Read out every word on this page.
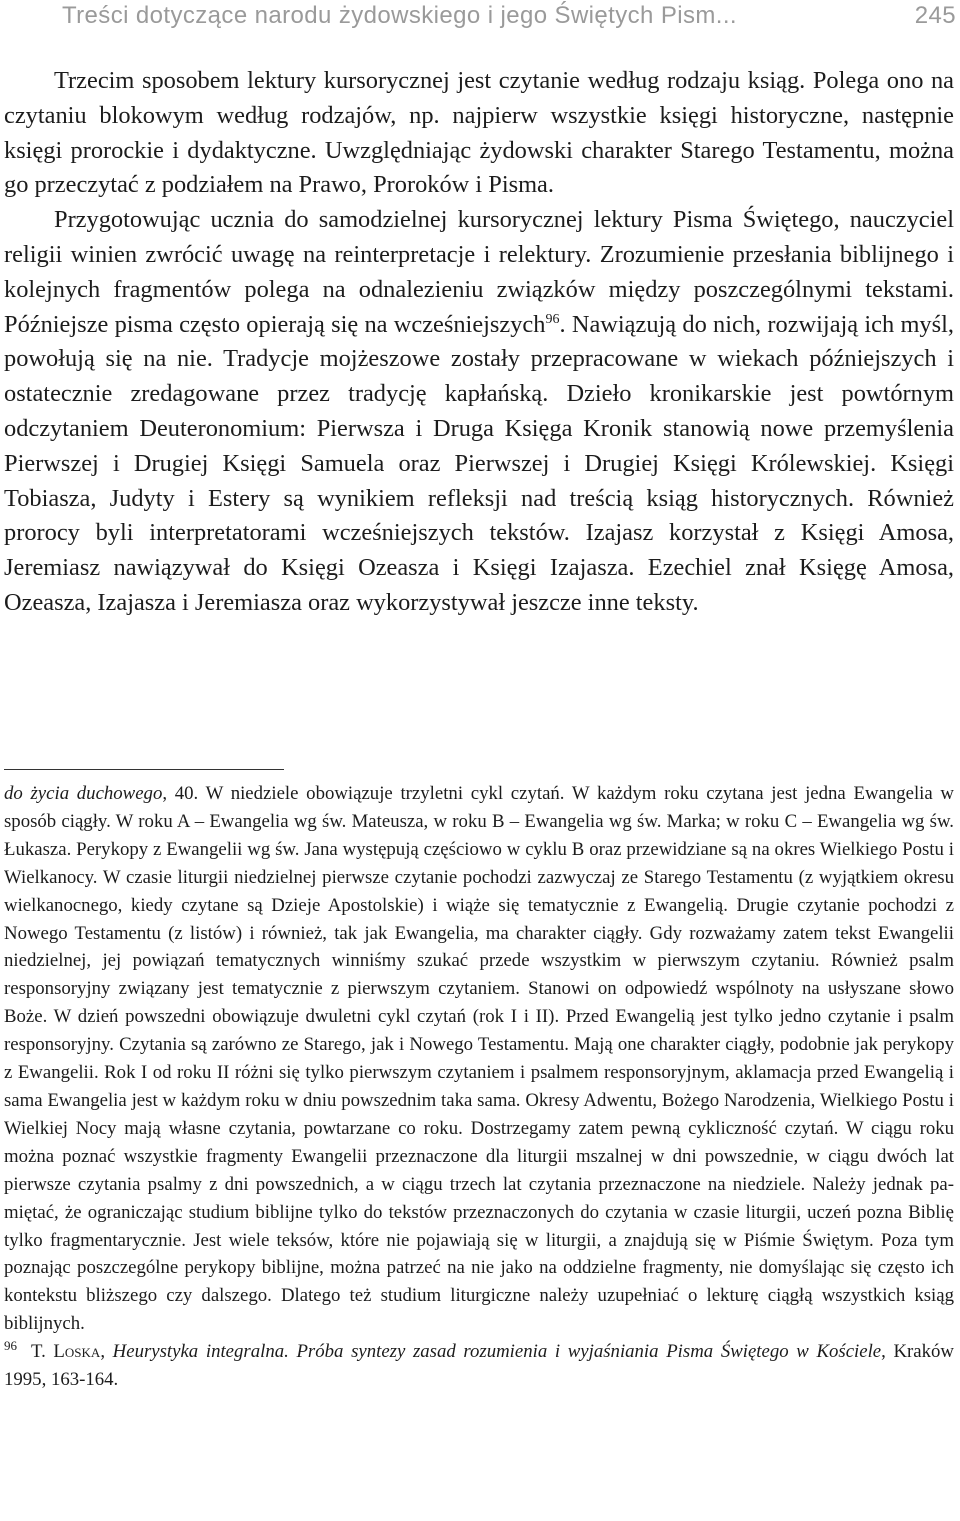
Treści dotyczące narodu żydowskiego i jego Świętych Pism...	245

Trzecim sposobem lektury kursorycznej jest czytanie według rodzaju ksiąg. Polega ono na czytaniu blokowym według rodzajów, np. najpierw wszystkie księgi historyczne, następnie księgi prorockie i dydaktyczne. Uwzględniając żydowski charakter Starego Testamentu, można go przeczytać z podziałem na Prawo, Proroków i Pisma.

Przygotowując ucznia do samodzielnej kursorycznej lektury Pisma Świętego, nauczyciel religii winien zwrócić uwagę na reinterpretacje i relektury. Zrozumienie przesłania biblijnego i kolejnych fragmentów polega na odnalezieniu związków między poszczególnymi tekstami. Późniejsze pisma często opierają się na wcześniejszych$^{96}$. Nawiązują do nich, rozwijają ich myśl, powołują się na nie. Tradycje mojżeszowe zostały przepracowane w wiekach późniejszych i ostatecznie zredagowane przez tradycję kapłańską. Dzieło kronikarskie jest powtórnym odczytaniem Deuteronomium: Pierwsza i Druga Księga Kronik stanowią nowe przemyślenia Pierwszej i Drugiej Księgi Samuela oraz Pierwszej i Drugiej Księgi Królewskiej. Księgi Tobiasza, Judyty i Estery są wynikiem refleksji nad treścią ksiąg historycznych. Również prorocy byli interpretatorami wcześniejszych tekstów. Izajasz korzystał z Księgi Amosa, Jeremiasz nawiązywał do Księgi Ozeasza i Księgi Izajasza. Ezechiel znał Księgę Amosa, Ozeasza, Izajasza i Jeremiasza oraz wykorzystywał jeszcze inne teksty.

do życia duchowego, 40. W niedziele obowiązuje trzyletni cykl czytań. W każdym roku czytana jest jedna Ewangelia w sposób ciągły. W roku A – Ewangelia wg św. Mateusza, w roku B – Ewangelia wg św. Marka; w roku C – Ewangelia wg św. Łukasza. Perykopy z Ewangelii wg św. Jana występują częściowo w cyklu B oraz przewidziane są na okres Wielkiego Postu i Wielkanocy. W czasie liturgii niedzielnej pierwsze czytanie pochodzi zazwyczaj ze Starego Testamentu (z wyjątkiem okresu wielkanocnego, kiedy czytane są Dzieje Apostolskie) i wiąże się tematycznie z Ewangelią. Drugie czytanie pochodzi z Nowego Testamentu (z listów) i również, tak jak Ewangelia, ma charakter ciągły. Gdy rozważamy zatem tekst Ewangelii niedzielnej, jej powiązań tematycznych winniśmy szukać przede wszystkim w pierwszym czytaniu. Również psalm responsoryjny związany jest tematycznie z pierwszym czytaniem. Stanowi on odpowiedź wspólnoty na usłyszane słowo Boże. W dzień powszedni obowiązuje dwuletni cykl czytań (rok I i II). Przed Ewangelią jest tylko jedno czytanie i psalm responsoryjny. Czytania są zarówno ze Starego, jak i Nowego Testamentu. Mają one charakter ciągły, podobnie jak perykopy z Ewangelii. Rok I od roku II różni się tylko pierwszym czytaniem i psalmem responsoryjnym, aklamacja przed Ewangelią i sama Ewangelia jest w każdym roku w dniu powszednim taka sama. Okresy Adwentu, Bożego Narodzenia, Wielkiego Postu i Wielkiej Nocy mają własne czytania, powtarzane co roku. Dostrzegamy zatem pewną cykliczność czytań. W ciągu roku można poznać wszystkie fragmenty Ewangelii przeznaczone dla liturgii mszalnej w dni powszednie, w ciągu dwóch lat pierwsze czytania psalmy z dni powszednich, a w ciągu trzech lat czytania przeznaczone na niedziele. Należy jednak pamiętać, że ograniczając studium biblijne tylko do tekstów przeznaczonych do czytania w czasie liturgii, uczeń pozna Biblię tylko fragmentarycznie. Jest wiele teksów, które nie pojawiają się w liturgii, a znajdują się w Piśmie Świętym. Poza tym poznając poszczególne perykopy biblijne, można patrzeć na nie jako na oddzielne fragmenty, nie domyślając się często ich kontekstu bliższego czy dalszego. Dlatego też studium liturgiczne należy uzupełniać o lekturę ciągłą wszystkich ksiąg biblijnych.

$^{96}$ T. Loska, Heurystyka integralna. Próba syntezy zasad rozumienia i wyjaśniania Pisma Świętego w Kościele, Kraków 1995, 163-164.
